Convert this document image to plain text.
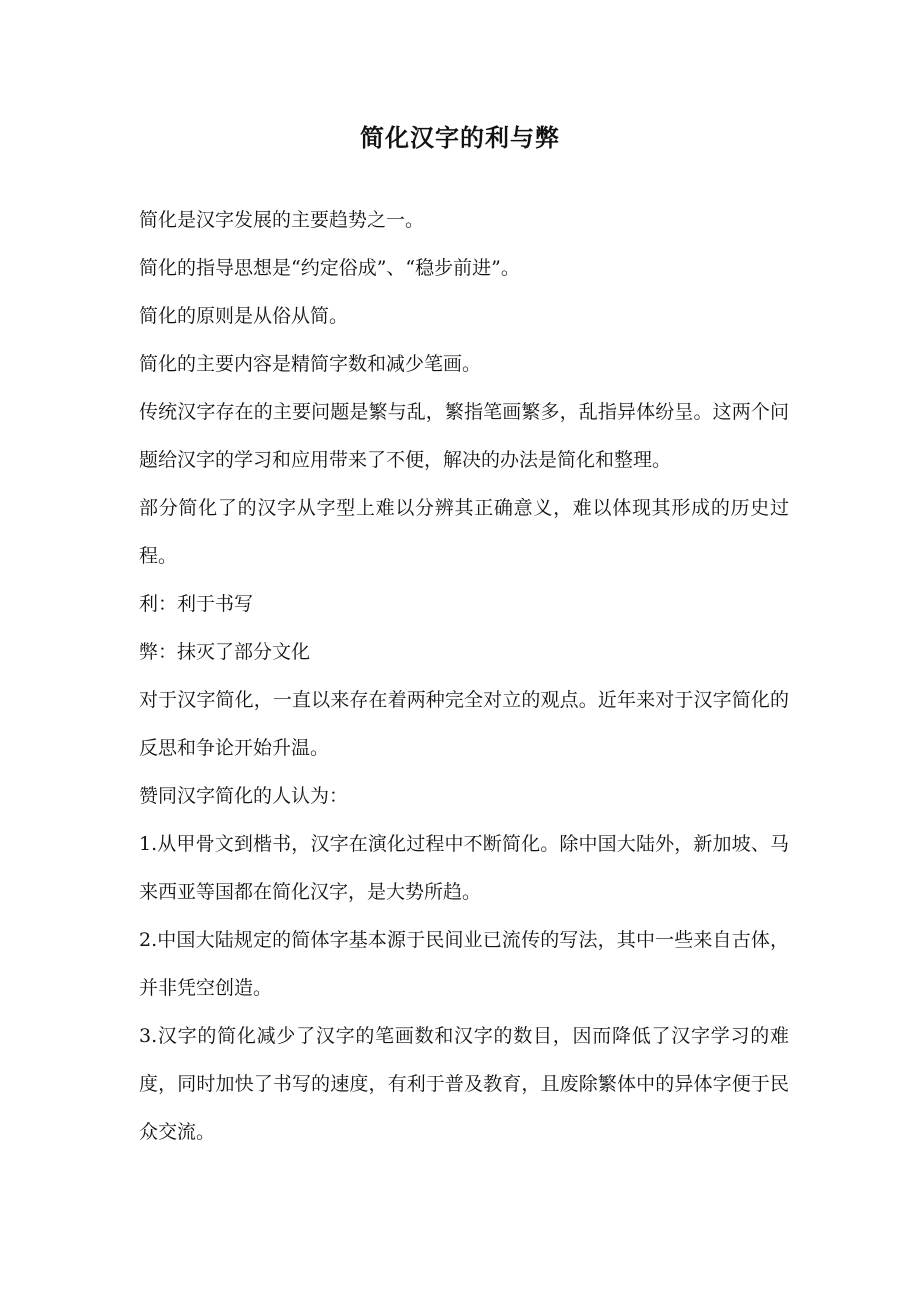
简化汉字的利与弊

简化是汉字发展的主要趋势之一。

简化的指导思想是“约定俗成”、“稳步前进”。

简化的原则是从俗从简。

简化的主要内容是精简字数和减少笔画。

传统汉字存在的主要问题是繁与乱，繁指笔画繁多，乱指异体纷呈。这两个问题给汉字的学习和应用带来了不便，解决的办法是简化和整理。

部分简化了的汉字从字型上难以分辨其正确意义，难以体现其形成的历史过程。

利：利于书写

弊：抹灭了部分文化

对于汉字简化，一直以来存在着两种完全对立的观点。近年来对于汉字简化的反思和争论开始升温。

赞同汉字简化的人认为：

1.从甲骨文到楷书，汉字在演化过程中不断简化。除中国大陆外，新加坡、马来西亚等国都在简化汉字，是大势所趋。

2.中国大陆规定的简体字基本源于民间业已流传的写法，其中一些来自古体，并非凭空创造。

3.汉字的简化减少了汉字的笔画数和汉字的数目，因而降低了汉字学习的难度，同时加快了书写的速度，有利于普及教育，且废除繁体中的异体字便于民众交流。
